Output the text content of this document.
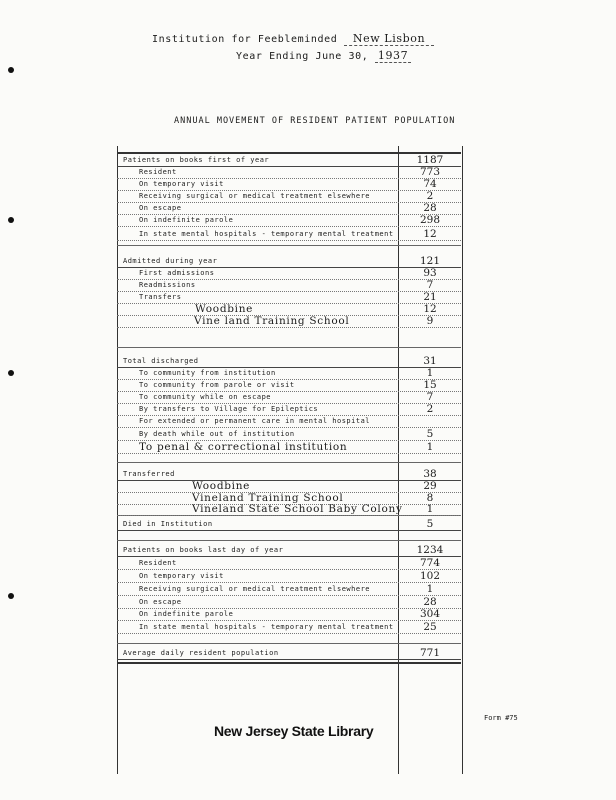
Institution for Feebleminded New Lisbon
Year Ending June 30, 1937
ANNUAL MOVEMENT OF RESIDENT PATIENT POPULATION
Patients on books first of year	1187
Resident	773
On temporary visit	74
Receiving surgical or medical treatment elsewhere	2
On escape	28
On indefinite parole	298
In state mental hospitals - temporary mental treatment	12
Admitted during year	121
First admissions	93
Readmissions	7
Transfers	21
Woodbine	12
Vine land Training School	9
Total discharged	31
To community from institution	1
To community from parole or visit	15
To community while on escape	7
By transfers to Village for Epileptics	2
For extended or permanent care in mental hospital
By death while out of institution	5
To penal & correctional institution	1
Transferred	38
Woodbine	29
Vineland Training School	8
Vineland State School Baby Colony	1
Died in Institution	5
Patients on books last day of year	1234
Resident	774
On temporary visit	102
Receiving surgical or medical treatment elsewhere	1
On escape	28
On indefinite parole	304
In state mental hospitals - temporary mental treatment	25
Average daily resident population	771
Form #75
New Jersey State Library
